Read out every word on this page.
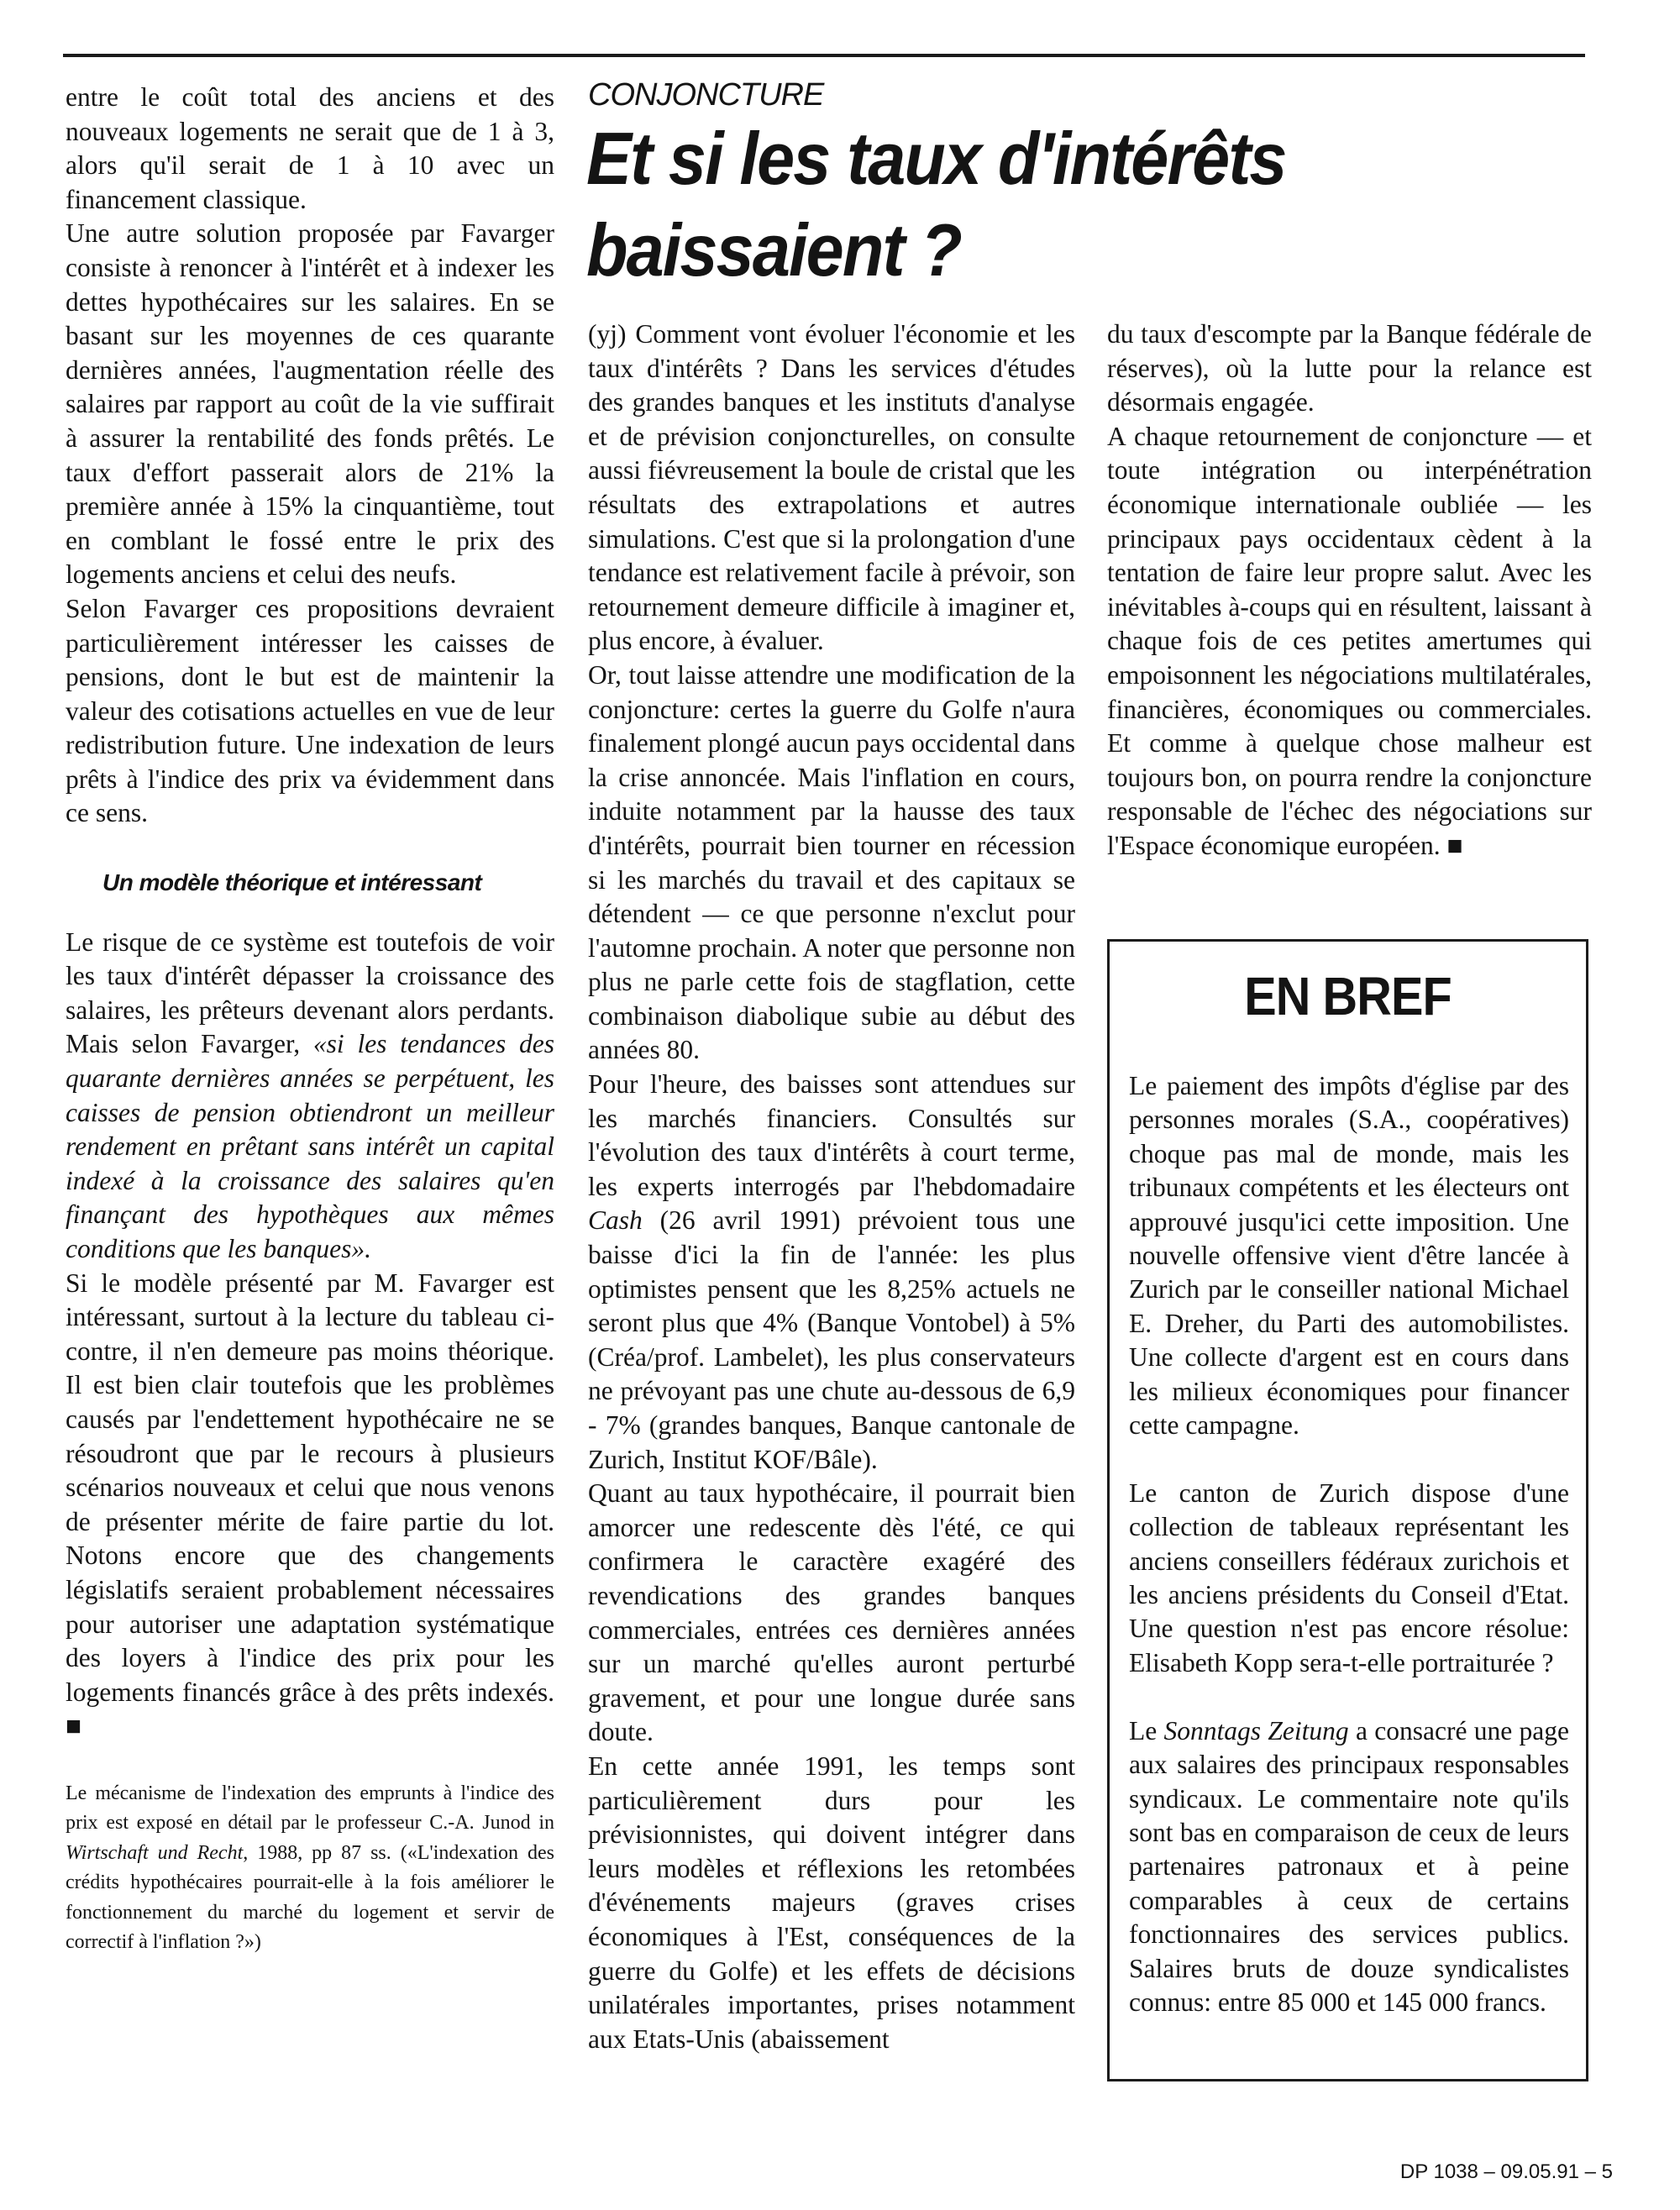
entre le coût total des anciens et des nouveaux logements ne serait que de 1 à 3, alors qu'il serait de 1 à 10 avec un financement classique.

Une autre solution proposée par Favarger consiste à renoncer à l'intérêt et à indexer les dettes hypothécaires sur les salaires. En se basant sur les moyennes de ces quarante dernières années, l'augmentation réelle des salaires par rapport au coût de la vie suffirait à assurer la rentabilité des fonds prêtés. Le taux d'effort passerait alors de 21% la première année à 15% la cinquantième, tout en comblant le fossé entre le prix des logements anciens et celui des neufs.

Selon Favarger ces propositions devraient particulièrement intéresser les caisses de pensions, dont le but est de maintenir la valeur des cotisations actuelles en vue de leur redistribution future. Une indexation de leurs prêts à l'indice des prix va évidemment dans ce sens.

Un modèle théorique et intéressant

Le risque de ce système est toutefois de voir les taux d'intérêt dépasser la croissance des salaires, les prêteurs devenant alors perdants. Mais selon Favarger, «si les tendances des quarante dernières années se perpétuent, les caisses de pension obtiendront un meilleur rendement en prêtant sans intérêt un capital indexé à la croissance des salaires qu'en finançant des hypothèques aux mêmes conditions que les banques».

Si le modèle présenté par M. Favarger est intéressant, surtout à la lecture du tableau ci-contre, il n'en demeure pas moins théorique. Il est bien clair toutefois que les problèmes causés par l'endettement hypothécaire ne se résoudront que par le recours à plusieurs scénarios nouveaux et celui que nous venons de présenter mérite de faire partie du lot. Notons encore que des changements législatifs seraient probablement nécessaires pour autoriser une adaptation systématique des loyers à l'indice des prix pour les logements financés grâce à des prêts indexés. ■

Le mécanisme de l'indexation des emprunts à l'indice des prix est exposé en détail par le professeur C.-A. Junod in Wirtschaft und Recht, 1988, pp 87 ss. («L'indexation des crédits hypothécaires pourrait-elle à la fois améliorer le fonctionnement du marché du logement et servir de correctif à l'inflation ?»)

CONJONCTURE
Et si les taux d'intérêts baissaient ?

(yj) Comment vont évoluer l'économie et les taux d'intérêts ? Dans les services d'études des grandes banques et les instituts d'analyse et de prévision conjoncturelles, on consulte aussi fiévreusement la boule de cristal que les résultats des extrapolations et autres simulations. C'est que si la prolongation d'une tendance est relativement facile à prévoir, son retournement demeure difficile à imaginer et, plus encore, à évaluer.

Or, tout laisse attendre une modification de la conjoncture: certes la guerre du Golfe n'aura finalement plongé aucun pays occidental dans la crise annoncée. Mais l'inflation en cours, induite notamment par la hausse des taux d'intérêts, pourrait bien tourner en récession si les marchés du travail et des capitaux se détendent — ce que personne n'exclut pour l'automne prochain. A noter que personne non plus ne parle cette fois de stagflation, cette combinaison diabolique subie au début des années 80.

Pour l'heure, des baisses sont attendues sur les marchés financiers. Consultés sur l'évolution des taux d'intérêts à court terme, les experts interrogés par l'hebdomadaire Cash (26 avril 1991) prévoient tous une baisse d'ici la fin de l'année: les plus optimistes pensent que les 8,25% actuels ne seront plus que 4% (Banque Vontobel) à 5% (Créa/prof. Lambelet), les plus conservateurs ne prévoyant pas une chute au-dessous de 6,9 - 7% (grandes banques, Banque cantonale de Zurich, Institut KOF/Bâle).

Quant au taux hypothécaire, il pourrait bien amorcer une redescente dès l'été, ce qui confirmera le caractère exagéré des revendications des grandes banques commerciales, entrées ces dernières années sur un marché qu'elles auront perturbé gravement, et pour une longue durée sans doute.

En cette année 1991, les temps sont particulièrement durs pour les prévisionnistes, qui doivent intégrer dans leurs modèles et réflexions les retombées d'événements majeurs (graves crises économiques à l'Est, conséquences de la guerre du Golfe) et les effets de décisions unilatérales importantes, prises notamment aux Etats-Unis (abaissement

du taux d'escompte par la Banque fédérale de réserves), où la lutte pour la relance est désormais engagée.

A chaque retournement de conjoncture — et toute intégration ou interpénétration économique internationale oubliée — les principaux pays occidentaux cèdent à la tentation de faire leur propre salut. Avec les inévitables à-coups qui en résultent, laissant à chaque fois de ces petites amertumes qui empoisonnent les négociations multilatérales, financières, économiques ou commerciales. Et comme à quelque chose malheur est toujours bon, on pourra rendre la conjoncture responsable de l'échec des négociations sur l'Espace économique européen. ■

EN BREF

Le paiement des impôts d'église par des personnes morales (S.A., coopératives) choque pas mal de monde, mais les tribunaux compétents et les électeurs ont approuvé jusqu'ici cette imposition. Une nouvelle offensive vient d'être lancée à Zurich par le conseiller national Michael E. Dreher, du Parti des automobilistes. Une collecte d'argent est en cours dans les milieux économiques pour financer cette campagne.

Le canton de Zurich dispose d'une collection de tableaux représentant les anciens conseillers fédéraux zurichois et les anciens présidents du Conseil d'Etat. Une question n'est pas encore résolue: Elisabeth Kopp sera-t-elle portraiturée ?

Le Sonntags Zeitung a consacré une page aux salaires des principaux responsables syndicaux. Le commentaire note qu'ils sont bas en comparaison de ceux de leurs partenaires patronaux et à peine comparables à ceux de certains fonctionnaires des services publics. Salaires bruts de douze syndicalistes connus: entre 85 000 et 145 000 francs.

DP 1038 – 09.05.91 – 5
